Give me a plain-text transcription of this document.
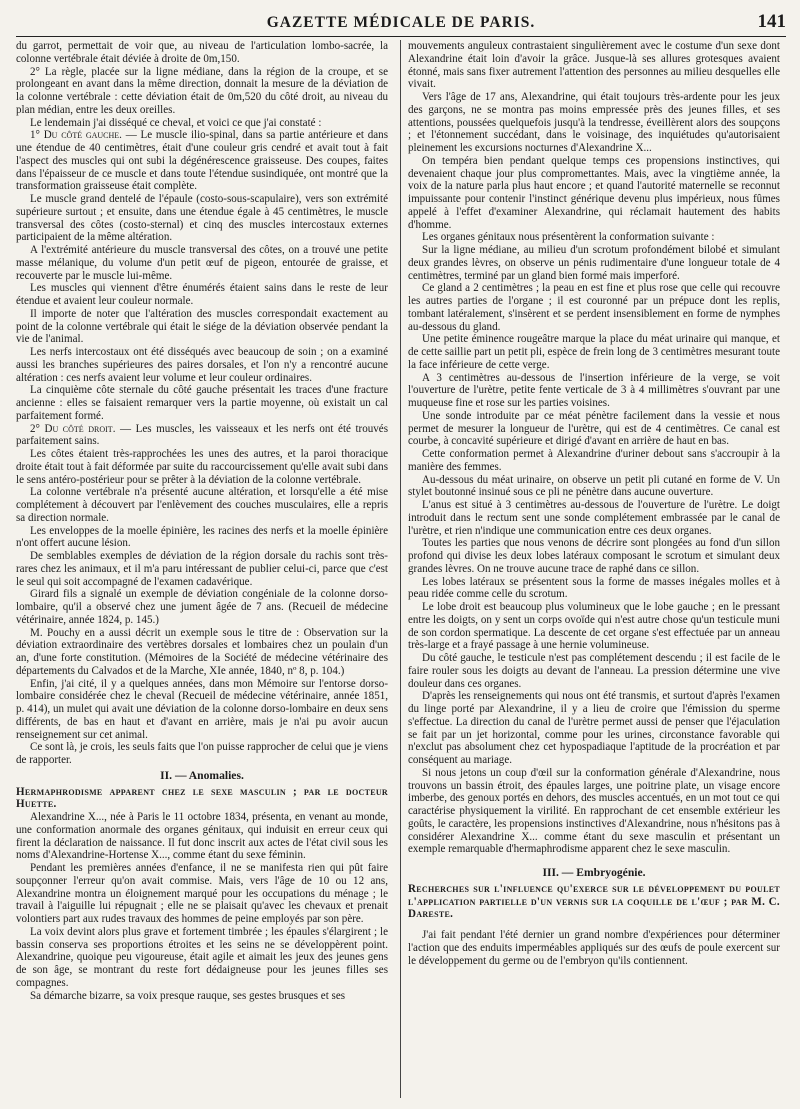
GAZETTE MÉDICALE DE PARIS.	141

du garrot, permettait de voir que, au niveau de l'articulation lombo-sacrée, la colonne vertébrale était déviée à droite de 0m,150.

2° La règle, placée sur la ligne médiane, dans la région de la croupe, et se prolongeant en avant dans la même direction, donnait la mesure de la déviation de la colonne vertébrale : cette déviation était de 0m,520 du côté droit, au niveau du plan médian, entre les deux oreilles.

Le lendemain j'ai disséqué ce cheval, et voici ce que j'ai constaté :

1° Du côté gauche. — Le muscle ilio-spinal, dans sa partie antérieure et dans une étendue de 40 centimètres, était d'une couleur gris cendré et avait tout à fait l'aspect des muscles qui ont subi la dégénérescence graisseuse. Des coupes, faites dans l'épaisseur de ce muscle et dans toute l'étendue susindiquée, ont montré que la transformation graisseuse était complète.

Le muscle grand dentelé de l'épaule (costo-sous-scapulaire), vers son extrémité supérieure surtout ; et ensuite, dans une étendue égale à 45 centimètres, le muscle transversal des côtes (costo-sternal) et cinq des muscles intercostaux externes participaient de la même altération.

A l'extrémité antérieure du muscle transversal des côtes, on a trouvé une petite masse mélanique, du volume d'un petit œuf de pigeon, entourée de graisse, et recouverte par le muscle lui-même.

Les muscles qui viennent d'être énumérés étaient sains dans le reste de leur étendue et avaient leur couleur normale.

Il importe de noter que l'altération des muscles correspondait exactement au point de la colonne vertébrale qui était le siége de la déviation observée pendant la vie de l'animal.

Les nerfs intercostaux ont été disséqués avec beaucoup de soin ; on a examiné aussi les branches supérieures des paires dorsales, et l'on n'y a rencontré aucune altération : ces nerfs avaient leur volume et leur couleur ordinaires.

La cinquième côte sternale du côté gauche présentait les traces d'une fracture ancienne : elles se faisaient remarquer vers la partie moyenne, où existait un cal parfaitement formé.

2° Du côté droit. — Les muscles, les vaisseaux et les nerfs ont été trouvés parfaitement sains.

Les côtes étaient très-rapprochées les unes des autres, et la paroi thoracique droite était tout à fait déformée par suite du raccourcissement qu'elle avait subi dans le sens antéro-postérieur pour se prêter à la déviation de la colonne vertébrale.

La colonne vertébrale n'a présenté aucune altération, et lorsqu'elle a été mise complétement à découvert par l'enlèvement des couches musculaires, elle a repris sa direction normale.

Les enveloppes de la moelle épinière, les racines des nerfs et la moelle épinière n'ont offert aucune lésion.

De semblables exemples de déviation de la région dorsale du rachis sont très-rares chez les animaux, et il m'a paru intéressant de publier celui-ci, parce que c'est le seul qui soit accompagné de l'examen cadavérique.

Girard fils a signalé un exemple de déviation congéniale de la colonne dorso-lombaire, qu'il a observé chez une jument âgée de 7 ans. (Recueil de médecine vétérinaire, année 1824, p. 145.)

M. Pouchy en a aussi décrit un exemple sous le titre de : Observation sur la déviation extraordinaire des vertèbres dorsales et lombaires chez un poulain d'un an, d'une forte constitution. (Mémoires de la Société de médecine vétérinaire des départements du Calvados et de la Marche, XIe année, 1840, nº 8, p. 104.)

Enfin, j'ai cité, il y a quelques années, dans mon Mémoire sur l'entorse dorso-lombaire considérée chez le cheval (Recueil de médecine vétérinaire, année 1851, p. 414), un mulet qui avait une déviation de la colonne dorso-lombaire en deux sens différents, de bas en haut et d'avant en arrière, mais je n'ai pu avoir aucun renseignement sur cet animal.

Ce sont là, je crois, les seuls faits que l'on puisse rapprocher de celui que je viens de rapporter.

II. — Anomalies.

Hermaphrodisme apparent chez le sexe masculin ; par le docteur Huette.

Alexandrine X..., née à Paris le 11 octobre 1834, présenta, en venant au monde, une conformation anormale des organes génitaux, qui induisit en erreur ceux qui firent la déclaration de naissance. Il fut donc inscrit aux actes de l'état civil sous les noms d'Alexandrine-Hortense X..., comme étant du sexe féminin.

Pendant les premières années d'enfance, il ne se manifesta rien qui pût faire soupçonner l'erreur qu'on avait commise. Mais, vers l'âge de 10 ou 12 ans, Alexandrine montra un éloignement marqué pour les occupations du ménage ; le travail à l'aiguille lui répugnait ; elle ne se plaisait qu'avec les chevaux et prenait volontiers part aux rudes travaux des hommes de peine employés par son père.

La voix devint alors plus grave et fortement timbrée ; les épaules s'élargirent ; le bassin conserva ses proportions étroites et les seins ne se développèrent point. Alexandrine, quoique peu vigoureuse, était agile et aimait les jeux des jeunes gens de son âge, se montrant du reste fort dédaigneuse pour les jeunes filles ses compagnes.

Sa démarche bizarre, sa voix presque rauque, ses gestes brusques et ses

mouvements anguleux contrastaient singulièrement avec le costume d'un sexe dont Alexandrine était loin d'avoir la grâce. Jusque-là ses allures grotesques avaient étonné, mais sans fixer autrement l'attention des personnes au milieu desquelles elle vivait.

Vers l'âge de 17 ans, Alexandrine, qui était toujours très-ardente pour les jeux des garçons, ne se montra pas moins empressée près des jeunes filles, et ses attentions, poussées quelquefois jusqu'à la tendresse, éveillèrent alors des soupçons ; et l'étonnement succédant, dans le voisinage, des inquiétudes qu'autorisaient pleinement les excursions nocturnes d'Alexandrine X...

On tempéra bien pendant quelque temps ces propensions instinctives, qui devenaient chaque jour plus compromettantes. Mais, avec la vingtième année, la voix de la nature parla plus haut encore ; et quand l'autorité maternelle se reconnut impuissante pour contenir l'instinct générique devenu plus impérieux, nous fûmes appelé à l'effet d'examiner Alexandrine, qui réclamait hautement des habits d'homme.

Les organes génitaux nous présentèrent la conformation suivante :

Sur la ligne médiane, au milieu d'un scrotum profondément bilobé et simulant deux grandes lèvres, on observe un pénis rudimentaire d'une longueur totale de 4 centimètres, terminé par un gland bien formé mais imperforé.

Ce gland a 2 centimètres ; la peau en est fine et plus rose que celle qui recouvre les autres parties de l'organe ; il est couronné par un prépuce dont les replis, tombant latéralement, s'insèrent et se perdent insensiblement en forme de nymphes au-dessous du gland.

Une petite éminence rougeâtre marque la place du méat urinaire qui manque, et de cette saillie part un petit pli, espèce de frein long de 3 centimètres mesurant toute la face inférieure de cette verge.

A 3 centimètres au-dessous de l'insertion inférieure de la verge, se voit l'ouverture de l'urètre, petite fente verticale de 3 à 4 millimètres s'ouvrant par une muqueuse fine et rose sur les parties voisines.

Une sonde introduite par ce méat pénètre facilement dans la vessie et nous permet de mesurer la longueur de l'urètre, qui est de 4 centimètres. Ce canal est courbe, à concavité supérieure et dirigé d'avant en arrière de haut en bas.

Cette conformation permet à Alexandrine d'uriner debout sans s'accroupir à la manière des femmes.

Au-dessous du méat urinaire, on observe un petit pli cutané en forme de V. Un stylet boutonné insinué sous ce pli ne pénètre dans aucune ouverture.

L'anus est situé à 3 centimètres au-dessous de l'ouverture de l'urètre. Le doigt introduit dans le rectum sent une sonde complétement embrassée par le canal de l'urètre, et rien n'indique une communication entre ces deux organes.

Toutes les parties que nous venons de décrire sont plongées au fond d'un sillon profond qui divise les deux lobes latéraux composant le scrotum et simulant deux grandes lèvres. On ne trouve aucune trace de raphé dans ce sillon.

Les lobes latéraux se présentent sous la forme de masses inégales molles et à peau ridée comme celle du scrotum.

Le lobe droit est beaucoup plus volumineux que le lobe gauche ; en le pressant entre les doigts, on y sent un corps ovoïde qui n'est autre chose qu'un testicule muni de son cordon spermatique. La descente de cet organe s'est effectuée par un anneau très-large et a frayé passage à une hernie volumineuse.

Du côté gauche, le testicule n'est pas complétement descendu ; il est facile de le faire rouler sous les doigts au devant de l'anneau. La pression détermine une vive douleur dans ces organes.

D'après les renseignements qui nous ont été transmis, et surtout d'après l'examen du linge porté par Alexandrine, il y a lieu de croire que l'émission du sperme s'effectue. La direction du canal de l'urètre permet aussi de penser que l'éjaculation se fait par un jet horizontal, comme pour les urines, circonstance favorable qui n'exclut pas absolument chez cet hypospadiaque l'aptitude de la procréation et par conséquent au mariage.

Si nous jetons un coup d'œil sur la conformation générale d'Alexandrine, nous trouvons un bassin étroit, des épaules larges, une poitrine plate, un visage encore imberbe, des genoux portés en dehors, des muscles accentués, en un mot tout ce qui caractérise physiquement la virilité. En rapprochant de cet ensemble extérieur les goûts, le caractère, les propensions instinctives d'Alexandrine, nous n'hésitons pas à considérer Alexandrine X... comme étant du sexe masculin et présentant un exemple remarquable d'hermaphrodisme apparent chez le sexe masculin.

III. — Embryogénie.

Recherches sur l'influence qu'exerce sur le développement du poulet l'application partielle d'un vernis sur la coquille de l'œuf ; par M. C. Dareste.

J'ai fait pendant l'été dernier un grand nombre d'expériences pour déterminer l'action que des enduits imperméables appliqués sur des œufs de poule exercent sur le développement du germe ou de l'embryon qu'ils contiennent.
